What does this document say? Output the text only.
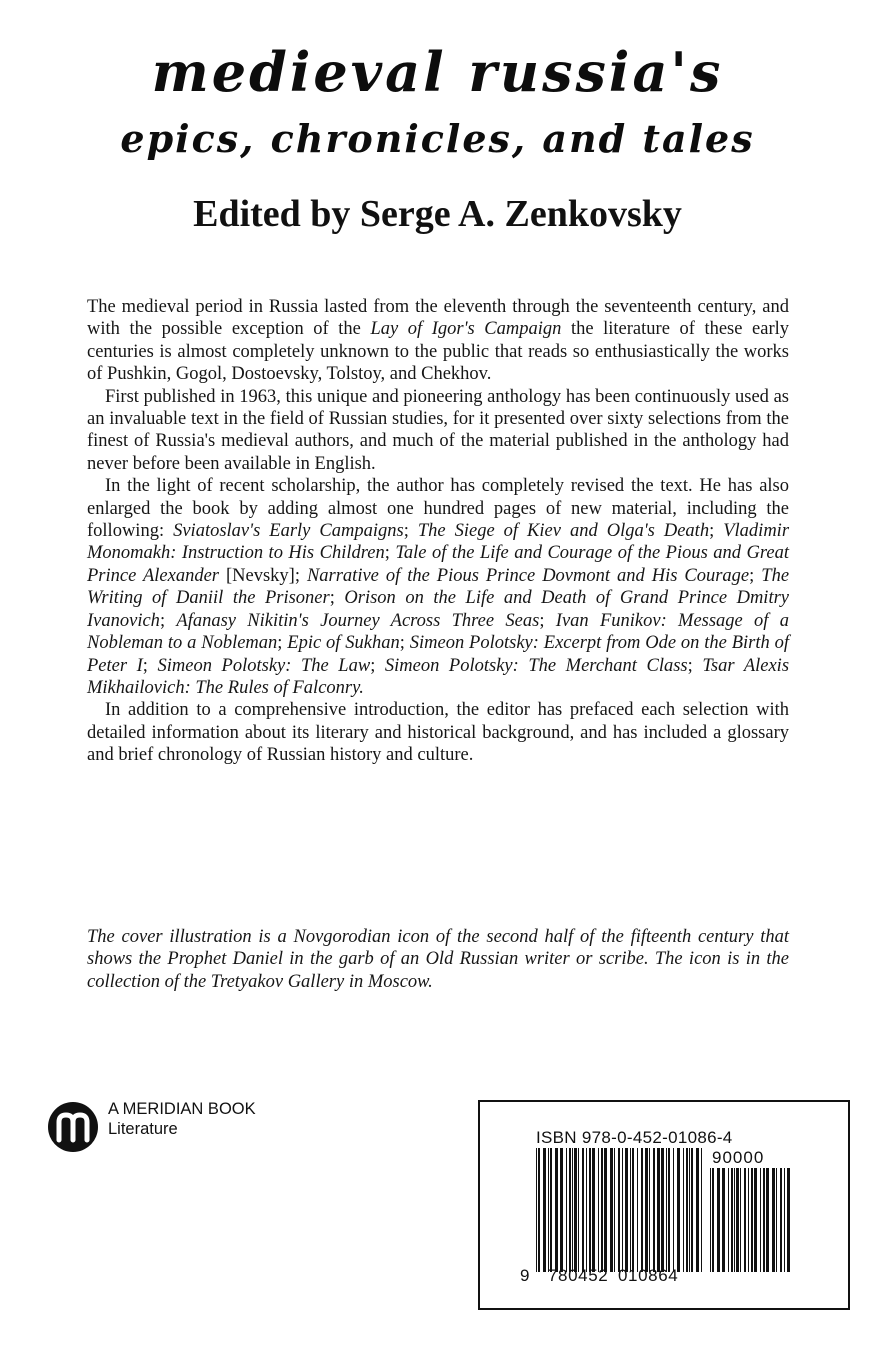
medieval russia's
epics, chronicles, and tales
Edited by Serge A. Zenkovsky

The medieval period in Russia lasted from the eleventh through the seventeenth century, and with the possible exception of the Lay of Igor's Campaign the literature of these early centuries is almost completely unknown to the public that reads so enthusiastically the works of Pushkin, Gogol, Dostoevsky, Tolstoy, and Chekhov.

First published in 1963, this unique and pioneering anthology has been continuously used as an invaluable text in the field of Russian studies, for it presented over sixty selections from the finest of Russia's medieval authors, and much of the material published in the anthology had never before been available in English.

In the light of recent scholarship, the author has completely revised the text. He has also enlarged the book by adding almost one hundred pages of new material, including the following: Sviatoslav's Early Campaigns; The Siege of Kiev and Olga's Death; Vladimir Monomakh: Instruction to His Children; Tale of the Life and Courage of the Pious and Great Prince Alexander [Nevsky]; Narrative of the Pious Prince Dovmont and His Courage; The Writing of Daniil the Prisoner; Orison on the Life and Death of Grand Prince Dmitry Ivanovich; Afanasy Nikitin's Journey Across Three Seas; Ivan Funikov: Message of a Nobleman to a Nobleman; Epic of Sukhan; Simeon Polotsky: Excerpt from Ode on the Birth of Peter I; Simeon Polotsky: The Law; Simeon Polotsky: The Merchant Class; Tsar Alexis Mikhailovich: The Rules of Falconry.

In addition to a comprehensive introduction, the editor has prefaced each selection with detailed information about its literary and historical background, and has included a glossary and brief chronology of Russian history and culture.

The cover illustration is a Novgorodian icon of the second half of the fifteenth century that shows the Prophet Daniel in the garb of an Old Russian writer or scribe. The icon is in the collection of the Tretyakov Gallery in Moscow.

A MERIDIAN BOOK
Literature	ISBN 978-0-452-01086-4
90000
9 780452 010864
